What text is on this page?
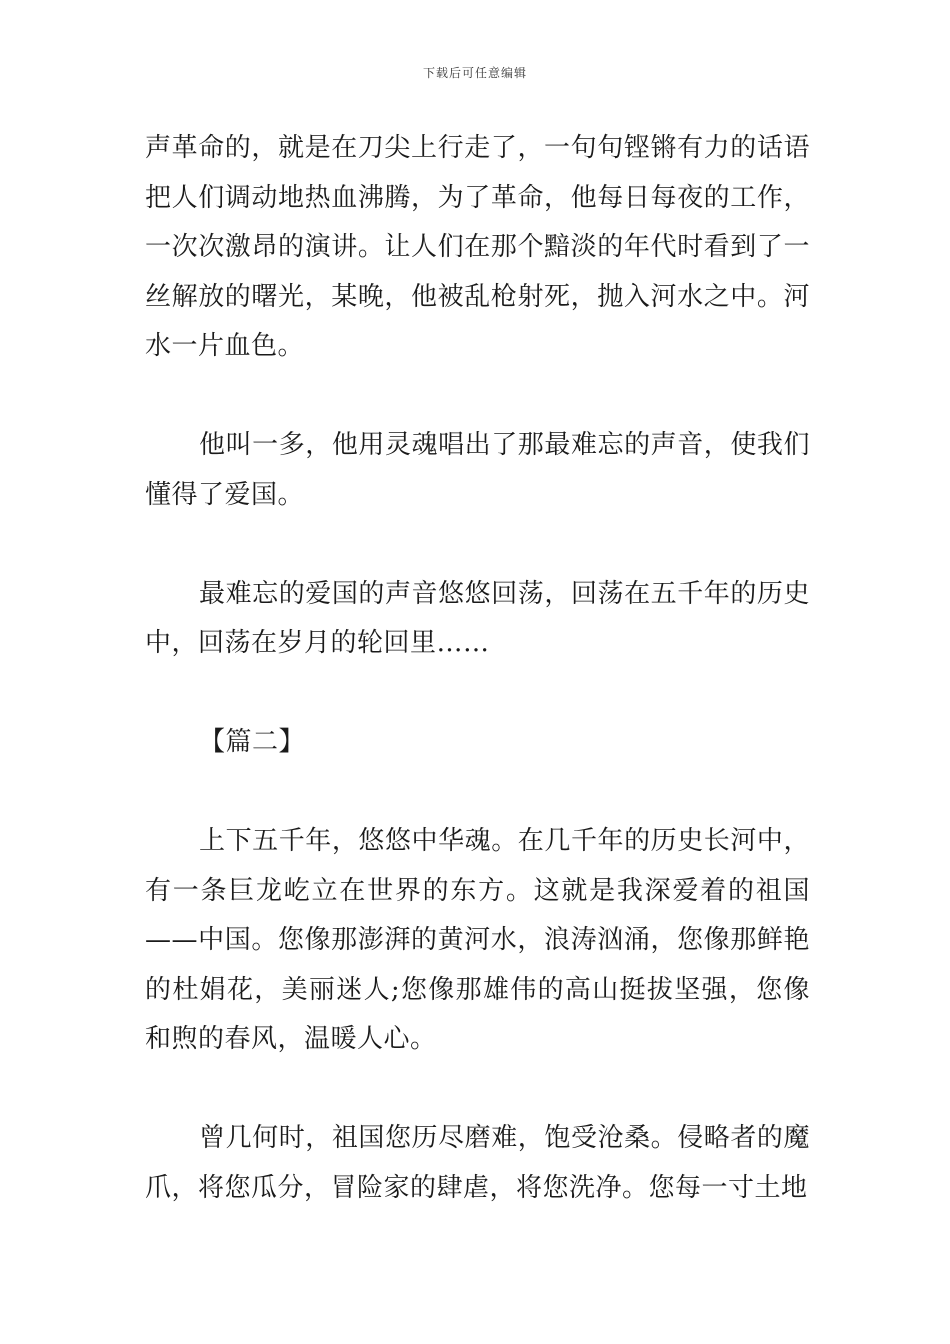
下载后可任意编辑

声革命的，就是在刀尖上行走了，一句句铿锵有力的话语把人们调动地热血沸腾，为了革命，他每日每夜的工作，一次次激昂的演讲。让人们在那个黯淡的年代时看到了一丝解放的曙光，某晚，他被乱枪射死，抛入河水之中。河水一片血色。

他叫一多，他用灵魂唱出了那最难忘的声音，使我们懂得了爱国。

最难忘的爱国的声音悠悠回荡，回荡在五千年的历史中，回荡在岁月的轮回里……

【篇二】

上下五千年，悠悠中华魂。在几千年的历史长河中，有一条巨龙屹立在世界的东方。这就是我深爱着的祖国——中国。您像那澎湃的黄河水，浪涛汹涌，您像那鲜艳的杜娟花，美丽迷人;您像那雄伟的高山挺拔坚强，您像和煦的春风，温暖人心。

曾几何时，祖国您历尽磨难，饱受沧桑。侵略者的魔爪，将您瓜分，冒险家的肆虐，将您洗净。您每一寸土地
